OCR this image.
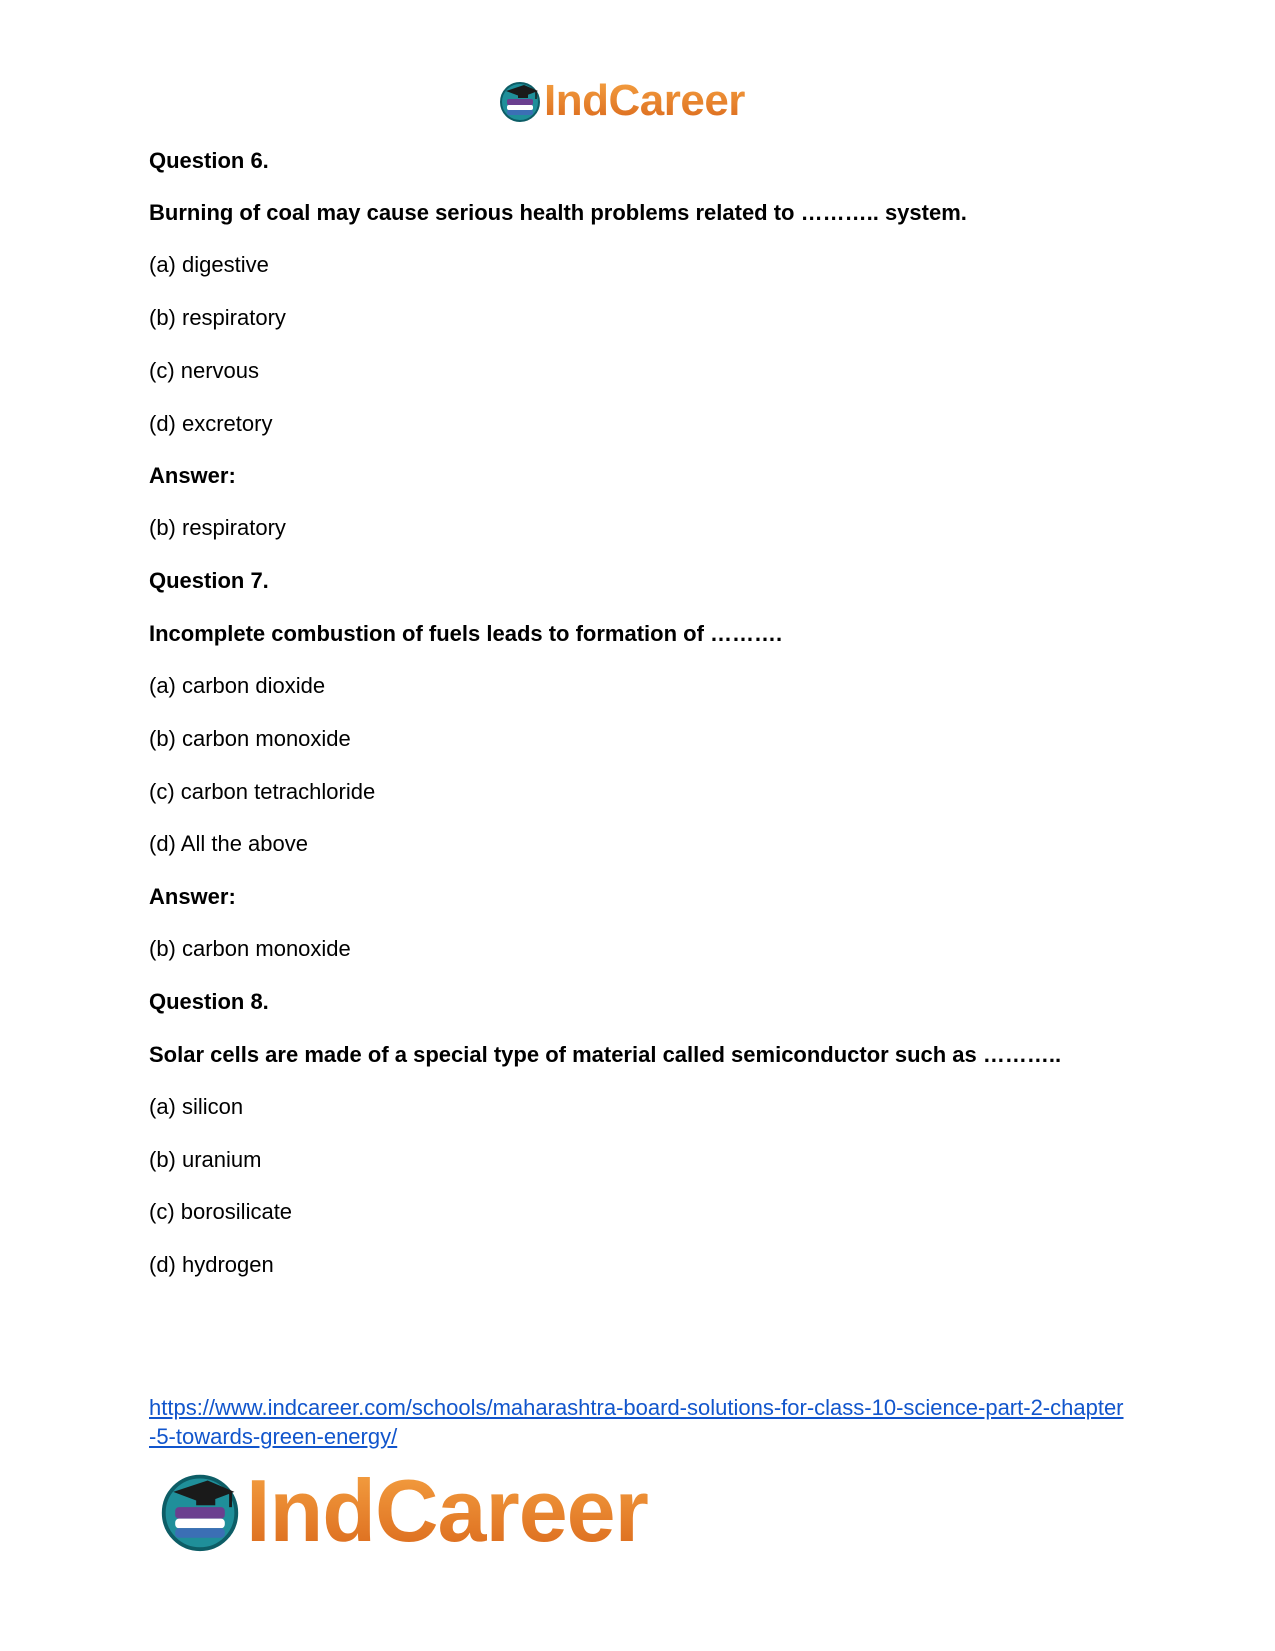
IndCareer
Question 6.
Burning of coal may cause serious health problems related to ……….. system.
(a) digestive
(b) respiratory
(c) nervous
(d) excretory
Answer:
(b) respiratory
Question 7.
Incomplete combustion of fuels leads to formation of ……….
(a) carbon dioxide
(b) carbon monoxide
(c) carbon tetrachloride
(d) All the above
Answer:
(b) carbon monoxide
Question 8.
Solar cells are made of a special type of material called semiconductor such as ………..
(a) silicon
(b) uranium
(c) borosilicate
(d) hydrogen
https://www.indcareer.com/schools/maharashtra-board-solutions-for-class-10-science-part-2-chapter-5-towards-green-energy/
IndCareer
